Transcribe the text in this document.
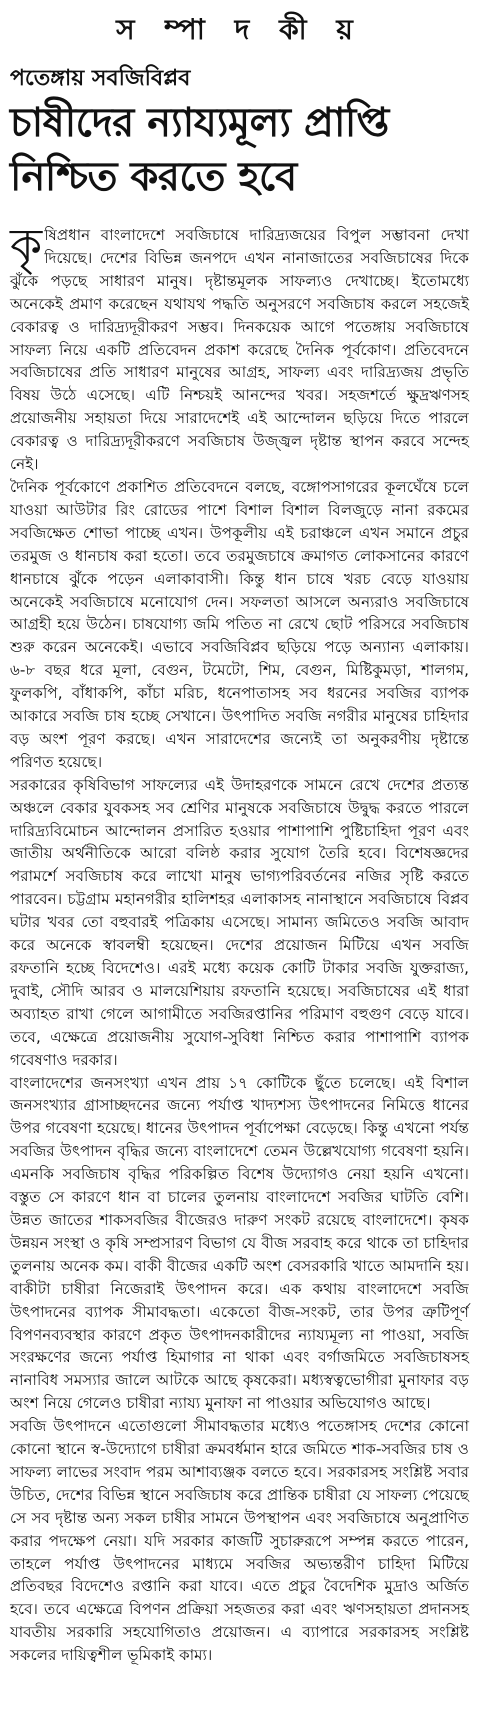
স ম্পা দ কী য়
পতেঙ্গায় সবজিবিপ্লব
চাষীদের ন্যায্যমূল্য প্রাপ্তি
নিশ্চিত করতে হবে

কৃষিপ্রধান বাংলাদেশে সবজিচাষে দারিদ্র্যজয়ের বিপুল সম্ভাবনা দেখা দিয়েছে। দেশের বিভিন্ন জনপদে এখন নানাজাতের সবজিচাষের দিকে ঝুঁকে পড়ছে সাধারণ মানুষ। দৃষ্টান্তমূলক সাফল্যও দেখাচ্ছে। ইতোমধ্যে অনেকেই প্রমাণ করেছেন যথাযথ পদ্ধতি অনুসরণে সবজিচাষ করলে সহজেই বেকারত্ব ও দারিদ্র্যদূরীকরণ সম্ভব। দিনকয়েক আগে পতেঙ্গায় সবজিচাষে সাফল্য নিয়ে একটি প্রতিবেদন প্রকাশ করেছে দৈনিক পূর্বকোণ। প্রতিবেদনে সবজিচাষের প্রতি সাধারণ মানুষের আগ্রহ, সাফল্য এবং দারিদ্র্যজয় প্রভৃতি বিষয় উঠে এসেছে। এটি নিশ্চয়ই আনন্দের খবর। সহজশর্তে ক্ষুদ্রঋণসহ প্রয়োজনীয় সহায়তা দিয়ে সারাদেশেই এই আন্দোলন ছড়িয়ে দিতে পারলে বেকারত্ব ও দারিদ্র্যদূরীকরণে সবজিচাষ উজ্জ্বল দৃষ্টান্ত স্থাপন করবে সন্দেহ নেই।

দৈনিক পূর্বকোণে প্রকাশিত প্রতিবেদনে বলছে, বঙ্গোপসাগরের কূলঘেঁষে চলে যাওয়া আউটার রিং রোডের পাশে বিশাল বিশাল বিলজুড়ে নানা রকমের সবজিক্ষেত শোভা পাচ্ছে এখন। উপকূলীয় এই চরাঞ্চলে এখন সমানে প্রচুর তরমুজ ও ধানচাষ করা হতো। তবে তরমুজচাষে ক্রমাগত লোকসানের কারণে ধানচাষে ঝুঁকে পড়েন এলাকাবাসী। কিন্তু ধান চাষে খরচ বেড়ে যাওয়ায় অনেকেই সবজিচাষে মনোযোগ দেন। সফলতা আসলে অন্যরাও সবজিচাষে আগ্রহী হয়ে উঠেন। চাষযোগ্য জমি পতিত না রেখে ছোট পরিসরে সবজিচাষ শুরু করেন অনেকেই। এভাবে সবজিবিপ্লব ছড়িয়ে পড়ে অন্যান্য এলাকায়। ৬-৮ বছর ধরে মূলা, বেগুন, টমেটো, শিম, বেগুন, মিষ্টিকুমড়া, শালগম, ফুলকপি, বাঁধাকপি, কাঁচা মরিচ, ধনেপাতাসহ সব ধরনের সবজির ব্যাপক আকারে সবজি চাষ হচ্ছে সেখানে। উৎপাদিত সবজি নগরীর মানুষের চাহিদার বড় অংশ পূরণ করছে। এখন সারাদেশের জন্যেই তা অনুকরণীয় দৃষ্টান্তে পরিণত হয়েছে।

সরকারের কৃষিবিভাগ সাফল্যের এই উদাহরণকে সামনে রেখে দেশের প্রত্যন্ত অঞ্চলে বেকার যুবকসহ সব শ্রেণির মানুষকে সবজিচাষে উদ্বুদ্ধ করতে পারলে দারিদ্র্যবিমোচন আন্দোলন প্রসারিত হওয়ার পাশাপাশি পুষ্টিচাহিদা পূরণ এবং জাতীয় অর্থনীতিকে আরো বলিষ্ঠ করার সুযোগ তৈরি হবে। বিশেষজ্ঞদের পরামর্শে সবজিচাষ করে লাখো মানুষ ভাগ্যপরিবর্তনের নজির সৃষ্টি করতে পারবেন। চট্টগ্রাম মহানগরীর হালিশহর এলাকাসহ নানাস্থানে সবজিচাষে বিপ্লব ঘটার খবর তো বহুবারই পত্রিকায় এসেছে। সামান্য জমিতেও সবজি আবাদ করে অনেকে স্বাবলম্বী হয়েছেন। দেশের প্রয়োজন মিটিয়ে এখন সবজি রফতানি হচ্ছে বিদেশেও। এরই মধ্যে কয়েক কোটি টাকার সবজি যুক্তরাজ্য, দুবাই, সৌদি আরব ও মালয়েশিয়ায় রফতানি হয়েছে। সবজিচাষের এই ধারা অব্যাহত রাখা গেলে আগামীতে সবজিরপ্তানির পরিমাণ বহুগুণ বেড়ে যাবে। তবে, এক্ষেত্রে প্রয়োজনীয় সুযোগ-সুবিধা নিশ্চিত করার পাশাপাশি ব্যাপক গবেষণাও দরকার।

বাংলাদেশের জনসংখ্যা এখন প্রায় ১৭ কোটিকে ছুঁতে চলেছে। এই বিশাল জনসংখ্যার গ্রাসাচ্ছদনের জন্যে পর্যাপ্ত খাদ্যশস্য উৎপাদনের নিমিত্তে ধানের উপর গবেষণা হয়েছে। ধানের উৎপাদন পূর্বাপেক্ষা বেড়েছে। কিন্তু এখনো পর্যন্ত সবজির উৎপাদন বৃদ্ধির জন্যে বাংলাদেশে তেমন উল্লেখযোগ্য গবেষণা হয়নি। এমনকি সবজিচাষ বৃদ্ধির পরিকল্পিত বিশেষ উদ্যোগও নেয়া হয়নি এখনো। বস্তুত সে কারণে ধান বা চালের তুলনায় বাংলাদেশে সবজির ঘাটতি বেশি। উন্নত জাতের শাকসবজির বীজেরও দারুণ সংকট রয়েছে বাংলাদেশে। কৃষক উন্নয়ন সংস্থা ও কৃষি সম্প্রসারণ বিভাগ যে বীজ সরবাহ করে থাকে তা চাহিদার তুলনায় অনেক কম। বাকী বীজের একটি অংশ বেসরকারি খাতে আমদানি হয়। বাকীটা চাষীরা নিজেরাই উৎপাদন করে। এক কথায় বাংলাদেশে সবজি উৎপাদনের ব্যাপক সীমাবদ্ধতা। একেতো বীজ-সংকট, তার উপর ত্রুটিপূর্ণ বিপণনব্যবস্থার কারণে প্রকৃত উৎপাদনকারীদের ন্যায্যমূল্য না পাওয়া, সবজি সংরক্ষণের জন্যে পর্যাপ্ত হিমাগার না থাকা এবং বর্গাজমিতে সবজিচাষসহ নানাবিধ সমস্যার জালে আটকে আছে কৃষকেরা। মধ্যস্বত্বভোগীরা মুনাফার বড় অংশ নিয়ে গেলেও চাষীরা ন্যায্য মুনাফা না পাওয়ার অভিযোগও আছে।

সবজি উৎপাদনে এতোগুলো সীমাবদ্ধতার মধ্যেও পতেঙ্গাসহ দেশের কোনো কোনো স্থানে স্ব-উদ্যোগে চাষীরা ক্রমবর্ধমান হারে জমিতে শাক-সবজির চাষ ও সাফল্য লাভের সংবাদ পরম আশাব্যঞ্জক বলতে হবে। সরকারসহ সংশ্লিষ্ট সবার উচিত, দেশের বিভিন্ন স্থানে সবজিচাষ করে প্রান্তিক চাষীরা যে সাফল্য পেয়েছে সে সব দৃষ্টান্ত অন্য সকল চাষীর সামনে উপস্থাপন এবং সবজিচাষে অনুপ্রাণিত করার পদক্ষেপ নেয়া। যদি সরকার কাজটি সুচারুরূপে সম্পন্ন করতে পারেন, তাহলে পর্যাপ্ত উৎপাদনের মাধ্যমে সবজির অভ্যন্তরীণ চাহিদা মিটিয়ে প্রতিবছর বিদেশেও রপ্তানি করা যাবে। এতে প্রচুর বৈদেশিক মুদ্রাও অর্জিত হবে। তবে এক্ষেত্রে বিপণন প্রক্রিয়া সহজতর করা এবং ঋণসহায়তা প্রদানসহ যাবতীয় সরকারি সহযোগিতাও প্রয়োজন। এ ব্যাপারে সরকারসহ সংশ্লিষ্ট সকলের দায়িত্বশীল ভূমিকাই কাম্য।
